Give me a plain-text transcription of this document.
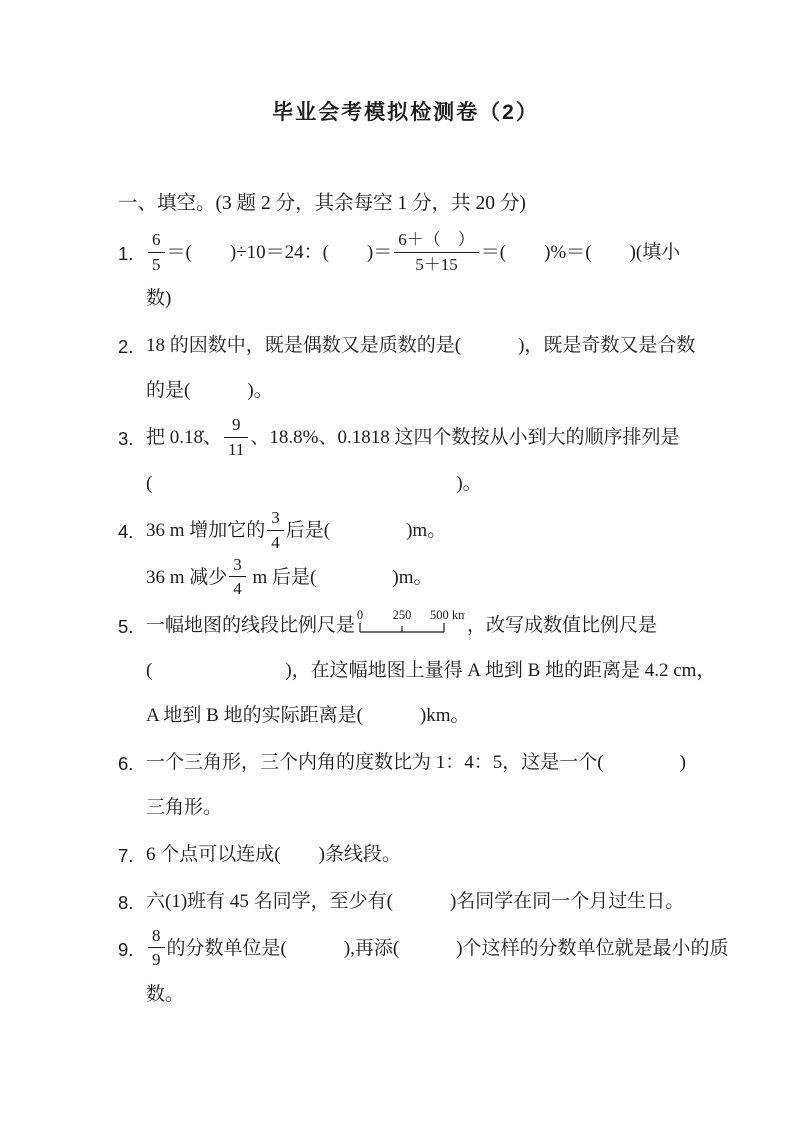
毕业会考模拟检测卷（2）
一、填空。(3 题 2 分，其余每空 1 分，共 20 分)
1. $\frac{6}{5}$ ＝(　　)÷10＝24：(　　)＝ $\frac{6+( )}{5+15}$ ＝(　　)%＝(　　)(填小
数)
2. 18 的因数中，既是偶数又是质数的是(　　　)，既是奇数又是合数
的是(　　　)。
3. 把 0.18̇、 $\frac{9}{11}$ 、18.8%、0.1818 这四个数按从小到大的顺序排列是
(　　　　　　　　　　　　　　　　)。
4. 36 m 增加它的 $\frac{3}{4}$ 后是(　　　　)m。
36 m 减少 $\frac{3}{4}$ m 后是(　　　　)m。
5. 一幅地图的线段比例尺是 0 250 500 km ，改写成数值比例尺是
(　　　　　　　)，在这幅地图上量得 A 地到 B 地的距离是 4.2 cm，
A 地到 B 地的实际距离是(　　　)km。
6. 一个三角形，三个内角的度数比为 1：4：5，这是一个(　　　　)
三角形。
7. 6 个点可以连成(　　)条线段。
8. 六(1)班有 45 名同学，至少有(　　　)名同学在同一个月过生日。
9. $\frac{8}{9}$ 的分数单位是(　　　),再添(　　　)个这样的分数单位就是最小的质
数。
